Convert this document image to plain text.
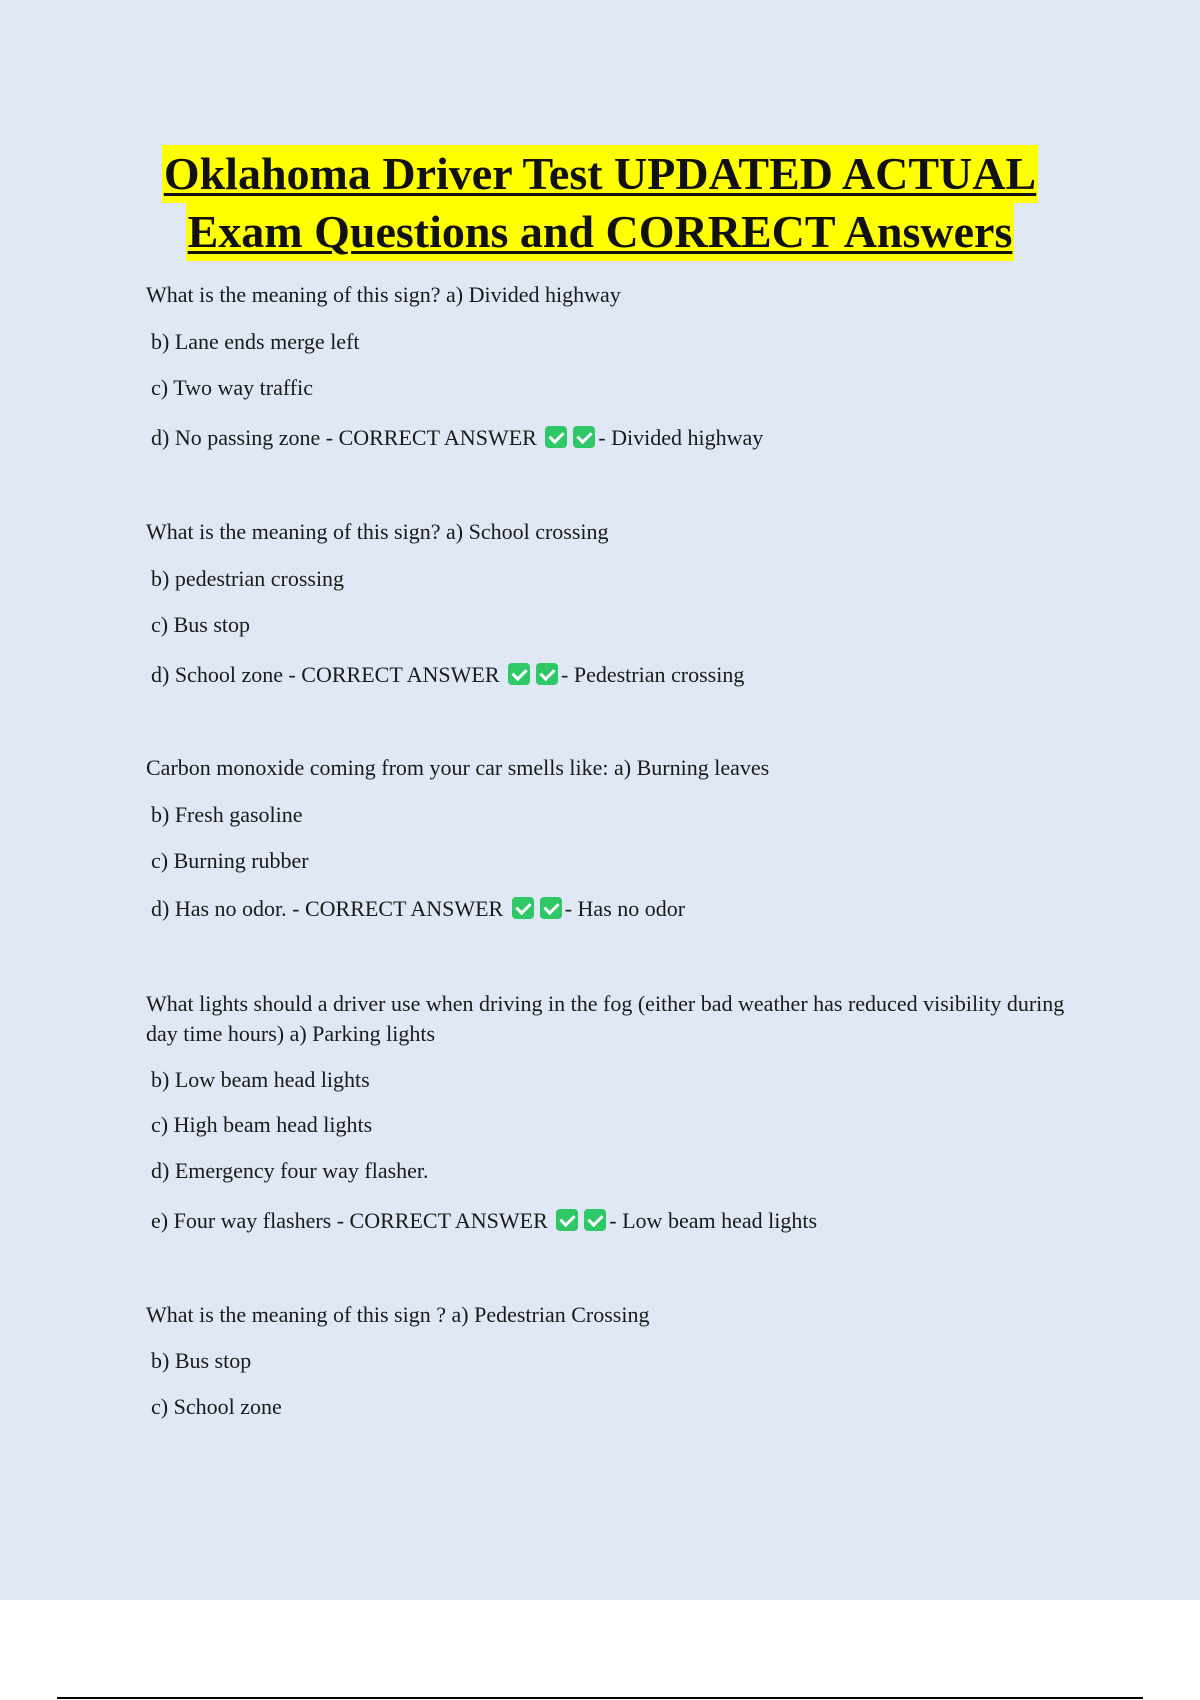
Oklahoma Driver Test UPDATED ACTUAL
Exam Questions and CORRECT Answers

What is the meaning of this sign? a) Divided highway

b) Lane ends merge left

c) Two way traffic

d) No passing zone - CORRECT ANSWER	- Divided highway

What is the meaning of this sign? a) School crossing

b) pedestrian crossing

c) Bus stop

d) School zone - CORRECT ANSWER	- Pedestrian crossing

Carbon monoxide coming from your car smells like: a) Burning leaves

b) Fresh gasoline

c) Burning rubber

d) Has no odor. - CORRECT ANSWER	- Has no odor

What lights should a driver use when driving in the fog (either bad weather has reduced visibility during day time hours) a) Parking lights

b) Low beam head lights

c) High beam head lights

d) Emergency four way flasher.

e) Four way flashers - CORRECT ANSWER	- Low beam head lights

What is the meaning of this sign ? a) Pedestrian Crossing

b) Bus stop

c) School zone
